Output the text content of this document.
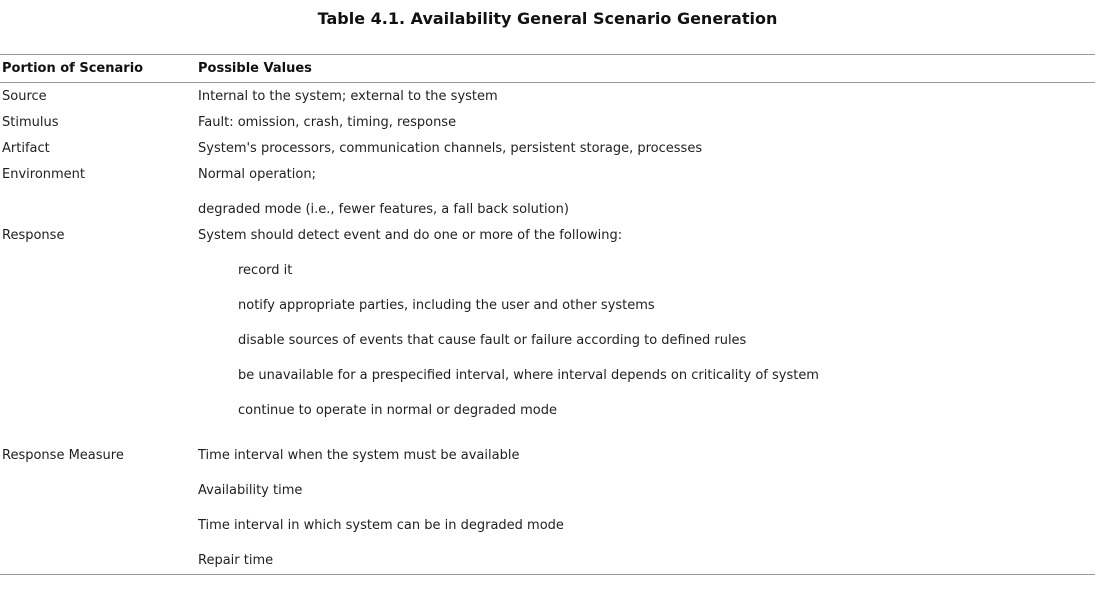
Table 4.1. Availability General Scenario Generation
Portion of Scenario	Possible Values
Source	Internal to the system; external to the system
Stimulus	Fault: omission, crash, timing, response
Artifact	System's processors, communication channels, persistent storage, processes
Environment	Normal operation;
degraded mode (i.e., fewer features, a fall back solution)
Response	System should detect event and do one or more of the following:
record it
notify appropriate parties, including the user and other systems
disable sources of events that cause fault or failure according to defined rules
be unavailable for a prespecified interval, where interval depends on criticality of system
continue to operate in normal or degraded mode
Response Measure	Time interval when the system must be available
Availability time
Time interval in which system can be in degraded mode
Repair time
